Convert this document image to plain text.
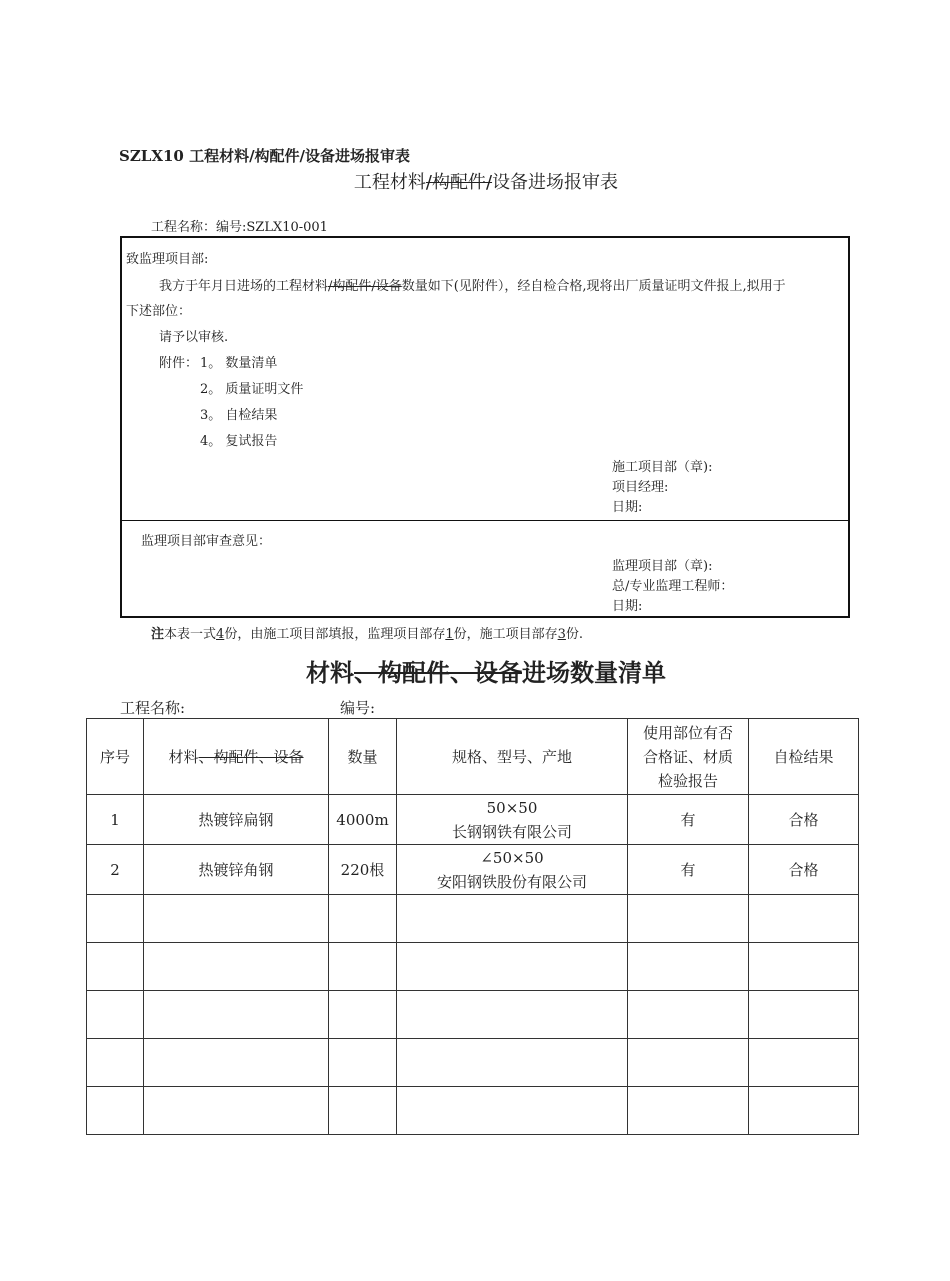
SZLX10 工程材料/构配件/设备进场报审表
工程材料/构配件/设备进场报审表
工程名称：编号:SZLX10-001
致监理项目部:
我方于年月日进场的工程材料/构配件/设备数量如下(见附件），经自检合格,现将出厂质量证明文件报上,拟用于
下述部位：
请予以审核.
附件： 1。 数量清单
2。 质量证明文件
3。 自检结果
4。 复试报告
施工项目部（章):
项目经理:
日期:
监理项目部审查意见：
监理项目部（章):
总/专业监理工程师：
日期:
注本表一式4份，由施工项目部填报，监理项目部存1份，施工项目部存3份.
材料、构配件、设备进场数量清单
工程名称:	编号:
序号	材料、构配件、设备	数量	规格、型号、产地	使用部位有否
合格证、材质
检验报告	自检结果
1	热镀锌扁钢	4000m	50×50
长钢钢铁有限公司	有	合格
2	热镀锌角钢	220根	∠50×50
安阳钢铁股份有限公司	有	合格
